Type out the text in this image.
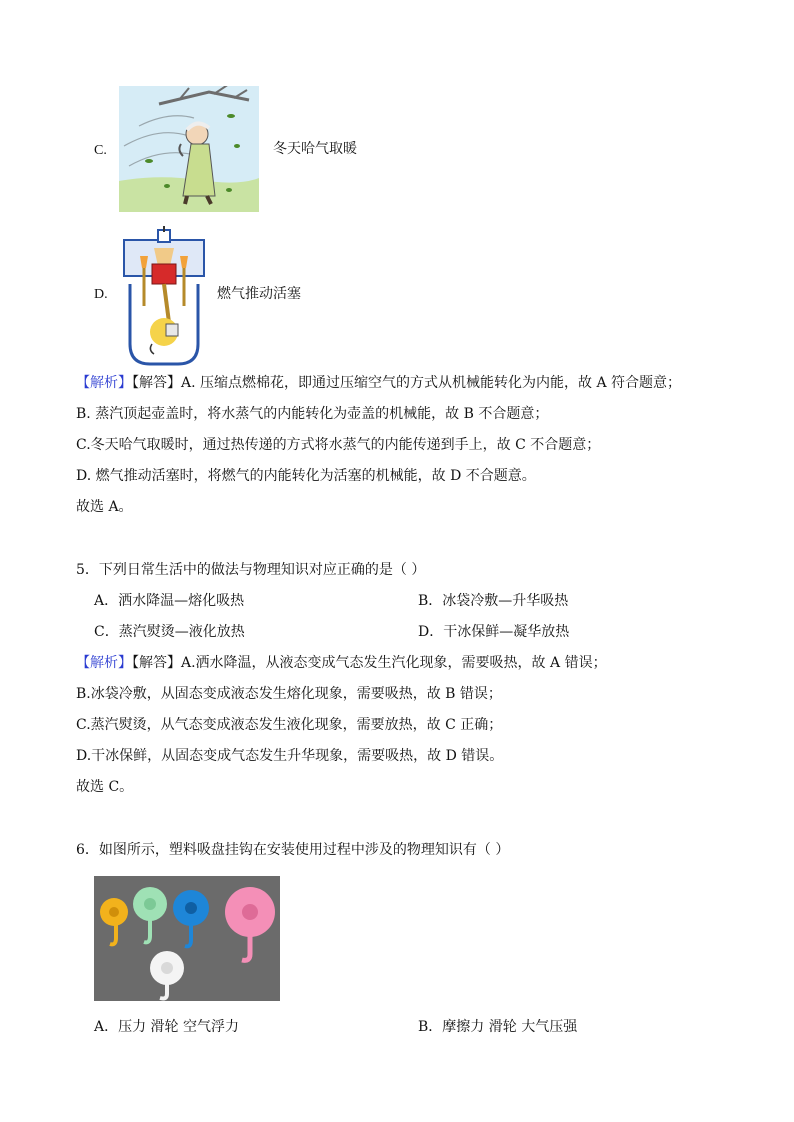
C.	冬天哈气取暖
D.	燃气推动活塞
【解析】【解答】A. 压缩点燃棉花，即通过压缩空气的方式从机械能转化为内能，故 A 符合题意；
B. 蒸汽顶起壶盖时，将水蒸气的内能转化为壶盖的机械能，故 B 不合题意；
C.冬天哈气取暖时，通过热传递的方式将水蒸气的内能传递到手上，故 C 不合题意；
D. 燃气推动活塞时，将燃气的内能转化为活塞的机械能，故 D 不合题意。
故选 A。
5．下列日常生活中的做法与物理知识对应正确的是（ ）
A．洒水降温—熔化吸热	B．冰袋冷敷—升华吸热
C．蒸汽熨烫—液化放热	D．干冰保鲜—凝华放热
【解析】【解答】A.洒水降温，从液态变成气态发生汽化现象，需要吸热，故 A 错误；
B.冰袋冷敷，从固态变成液态发生熔化现象，需要吸热，故 B 错误；
C.蒸汽熨烫，从气态变成液态发生液化现象，需要放热，故 C 正确；
D.干冰保鲜，从固态变成气态发生升华现象，需要吸热，故 D 错误。
故选 C。
6．如图所示，塑料吸盘挂钩在安装使用过程中涉及的物理知识有（ ）
A．压力 滑轮 空气浮力	B．摩擦力 滑轮 大气压强
